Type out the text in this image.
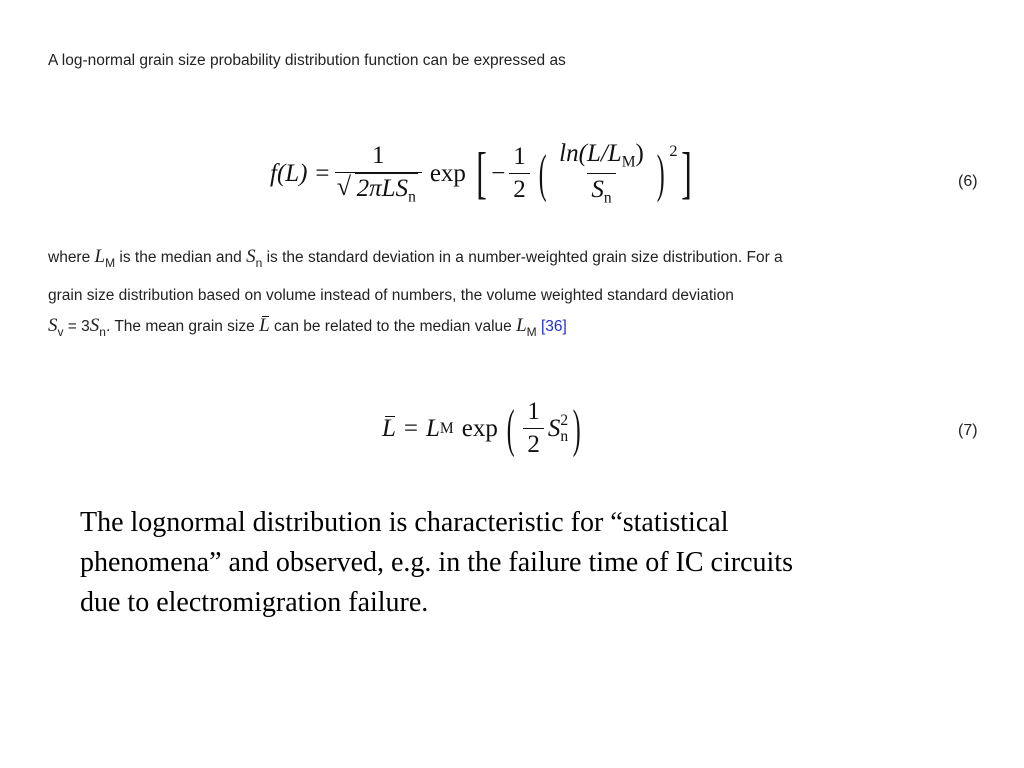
A log-normal grain size probability distribution function can be expressed as
f(L) = 1
√ 2πLS$_n$ exp [ − $\frac{1}{2}$ ( $\frac{\ln(L/L_M)}{S_n}$ ) 2 ]	(6)
where $L_M$ is the median and $S_n$ is the standard deviation in a number-weighted grain size distribution. For a
grain size distribution based on volume instead of numbers, the volume weighted standard deviation
$S_v = 3S_n$. The mean grain size L can be related to the median value $L_M$ [36]
L = L M exp ( $\frac{1}{2}$ S 2
n )	(7)
The lognormal distribution is characteristic for “statistical
phenomena” and observed, e.g. in the failure time of IC circuits
due to electromigration failure.
